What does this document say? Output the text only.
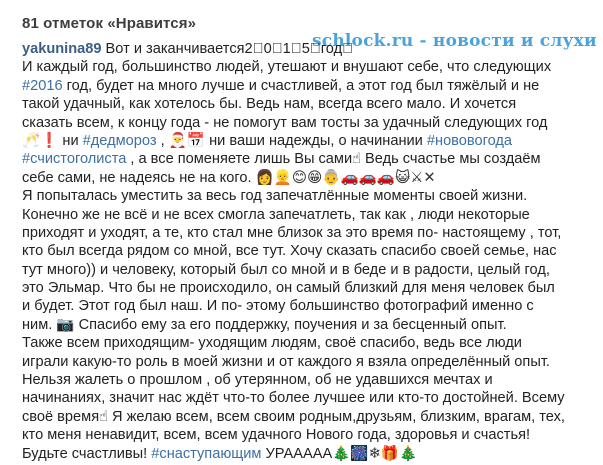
81 отметок «Нравится»
schlock.ru - новости и слухи
yakunina89 Вот и заканчивается2⃣0⃣1⃣5⃣год⃣
И каждый год, большинство людей, утешают и внушают себе, что следующих
#2016 год, будет на много лучше и счастливей, а этот год был тяжёлый и не
такой удачный, как хотелось бы. Ведь нам, всегда всего мало. И хочется
сказать всем, к концу года - не помогут вам тосты за удачный следующих год
🥂❗ ни #дедмороз , 🎅📅 ни ваши надежды, о начинании #нововогода
#счистоголиста , а все поменяете лишь Вы сами☝ Ведь счастье мы создаём
себе сами, не надеясь не на кого. 👩👱😊😁👵🚗🚗🚗😺⚔✕
Я попыталась уместить за весь год запечатлённые моменты своей жизни.
Конечно же не всё и не всех смогла запечатлеть, так как , люди некоторые
приходят и уходят, а те, кто стал мне близок за это время по- настоящему , тот,
кто был всегда рядом со мной, все тут. Хочу сказать спасибо своей семье, нас
тут много)) и человеку, который был со мной и в беде и в радости, целый год,
это Эльмар. Что бы не происходило, он самый близкий для меня человек был
и будет. Этот год был наш. И по- этому большинство фотографий именно с
ним. 📷 Спасибо ему за его поддержку, поучения и за бесценный опыт.
Также всем приходящим- уходящим людям, своё спасибо, ведь все люди
играли какую-то роль в моей жизни и от каждого я взяла определённый опыт.
Нельзя жалеть о прошлом , об утерянном, об не удавшихся мечтах и
начинаниях, значит нас ждёт что-то более лучшее или кто-то достойней. Всему
своё время☝ Я желаю всем, всем своим родным,друзьям, близким, врагам, тех,
кто меня ненавидит, всем, всем удачного Нового года, здоровья и счастья!
Будьте счастливы! #снаступающим УРААААА🎄🎆❄🎁🎄
